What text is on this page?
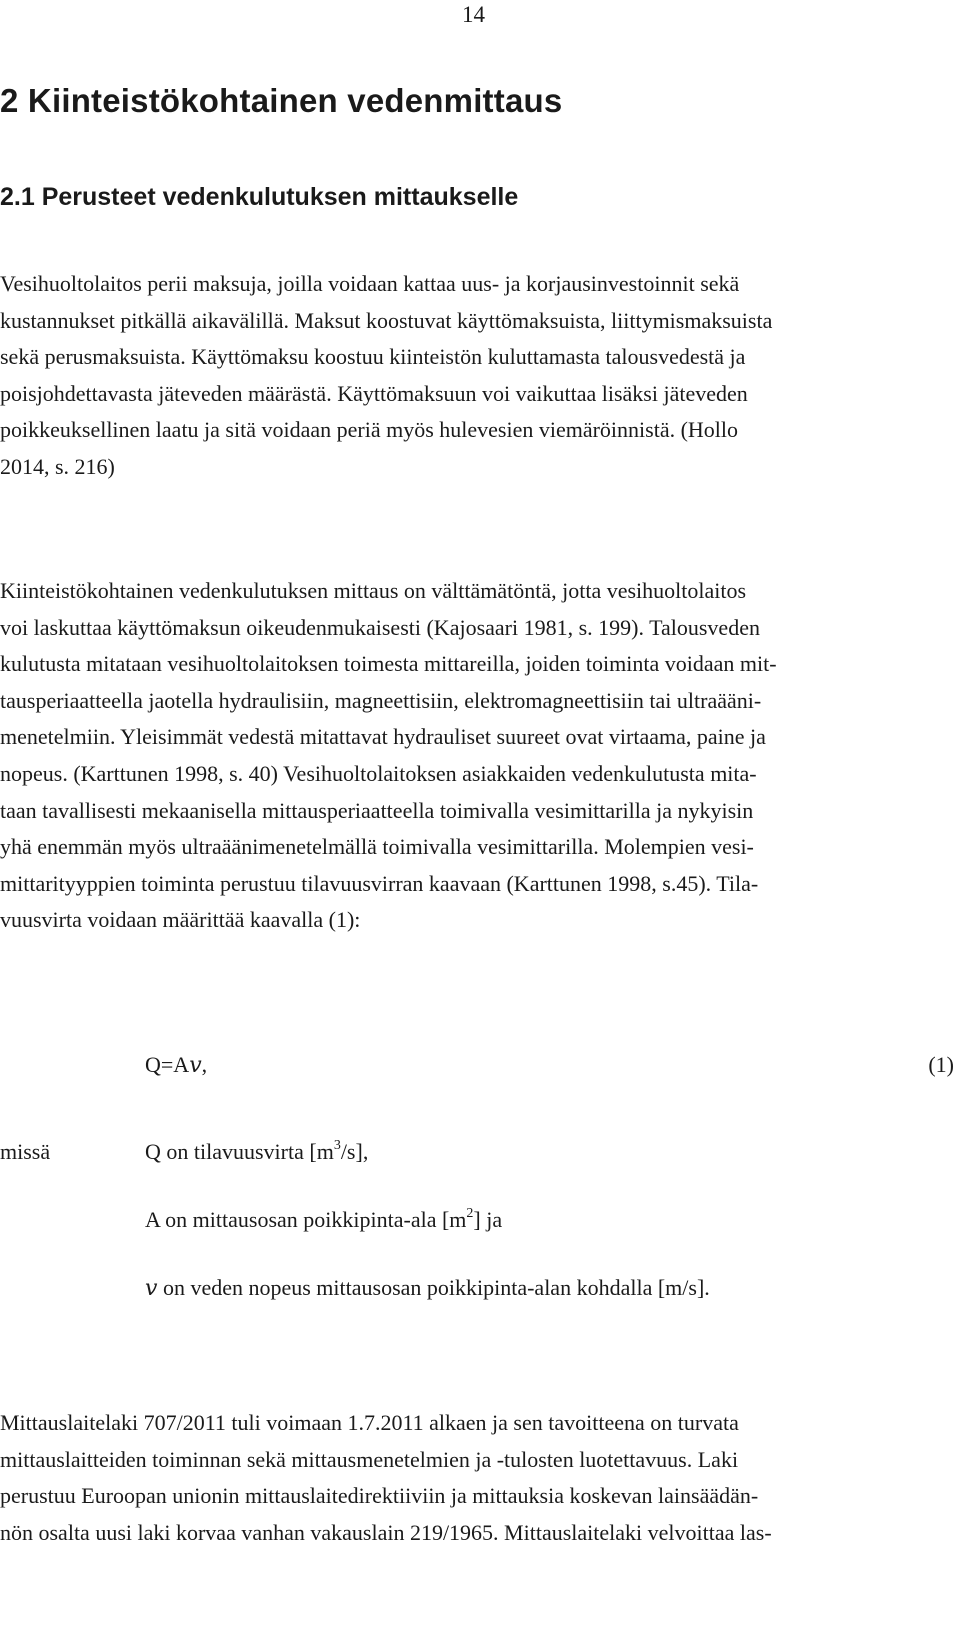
14
2 Kiinteistökohtainen vedenmittaus
2.1 Perusteet vedenkulutuksen mittaukselle
Vesihuoltolaitos perii maksuja, joilla voidaan kattaa uus- ja korjausinvestoinnit sekä
kustannukset pitkällä aikavälillä. Maksut koostuvat käyttömaksuista, liittymismaksuista
sekä perusmaksuista. Käyttömaksu koostuu kiinteistön kuluttamasta talousvedestä ja
poisjohdettavasta jäteveden määrästä. Käyttömaksuun voi vaikuttaa lisäksi jäteveden
poikkeuksellinen laatu ja sitä voidaan periä myös hulevesien viemäröinnistä. (Hollo
2014, s. 216)
Kiinteistökohtainen vedenkulutuksen mittaus on välttämätöntä, jotta vesihuoltolaitos
voi laskuttaa käyttömaksun oikeudenmukaisesti (Kajosaari 1981, s. 199). Talousveden
kulutusta mitataan vesihuoltolaitoksen toimesta mittareilla, joiden toiminta voidaan mit-
tausperiaatteella jaotella hydraulisiin, magneettisiin, elektromagneettisiin tai ultraääni-
menetelmiin. Yleisimmät vedestä mitattavat hydrauliset suureet ovat virtaama, paine ja
nopeus. (Karttunen 1998, s. 40) Vesihuoltolaitoksen asiakkaiden vedenkulutusta mita-
taan tavallisesti mekaanisella mittausperiaatteella toimivalla vesimittarilla ja nykyisin
yhä enemmän myös ultraäänimenetelmällä toimivalla vesimittarilla. Molempien vesi-
mittarityyppien toiminta perustuu tilavuusvirran kaavaan (Karttunen 1998, s.45). Tila-
vuusvirta voidaan määrittää kaavalla (1):
Q=Av,	(1)
missä	Q on tilavuusvirta $[m^3/s]$,
A on mittausosan poikkipinta-ala $[m^2]$ ja
v on veden nopeus mittausosan poikkipinta-alan kohdalla [m/s].
Mittauslaitelaki 707/2011 tuli voimaan 1.7.2011 alkaen ja sen tavoitteena on turvata
mittauslaitteiden toiminnan sekä mittausmenetelmien ja -tulosten luotettavuus. Laki
perustuu Euroopan unionin mittauslaitedirektiiviin ja mittauksia koskevan lainsäädän-
nön osalta uusi laki korvaa vanhan vakauslain 219/1965. Mittauslaitelaki velvoittaa las-
